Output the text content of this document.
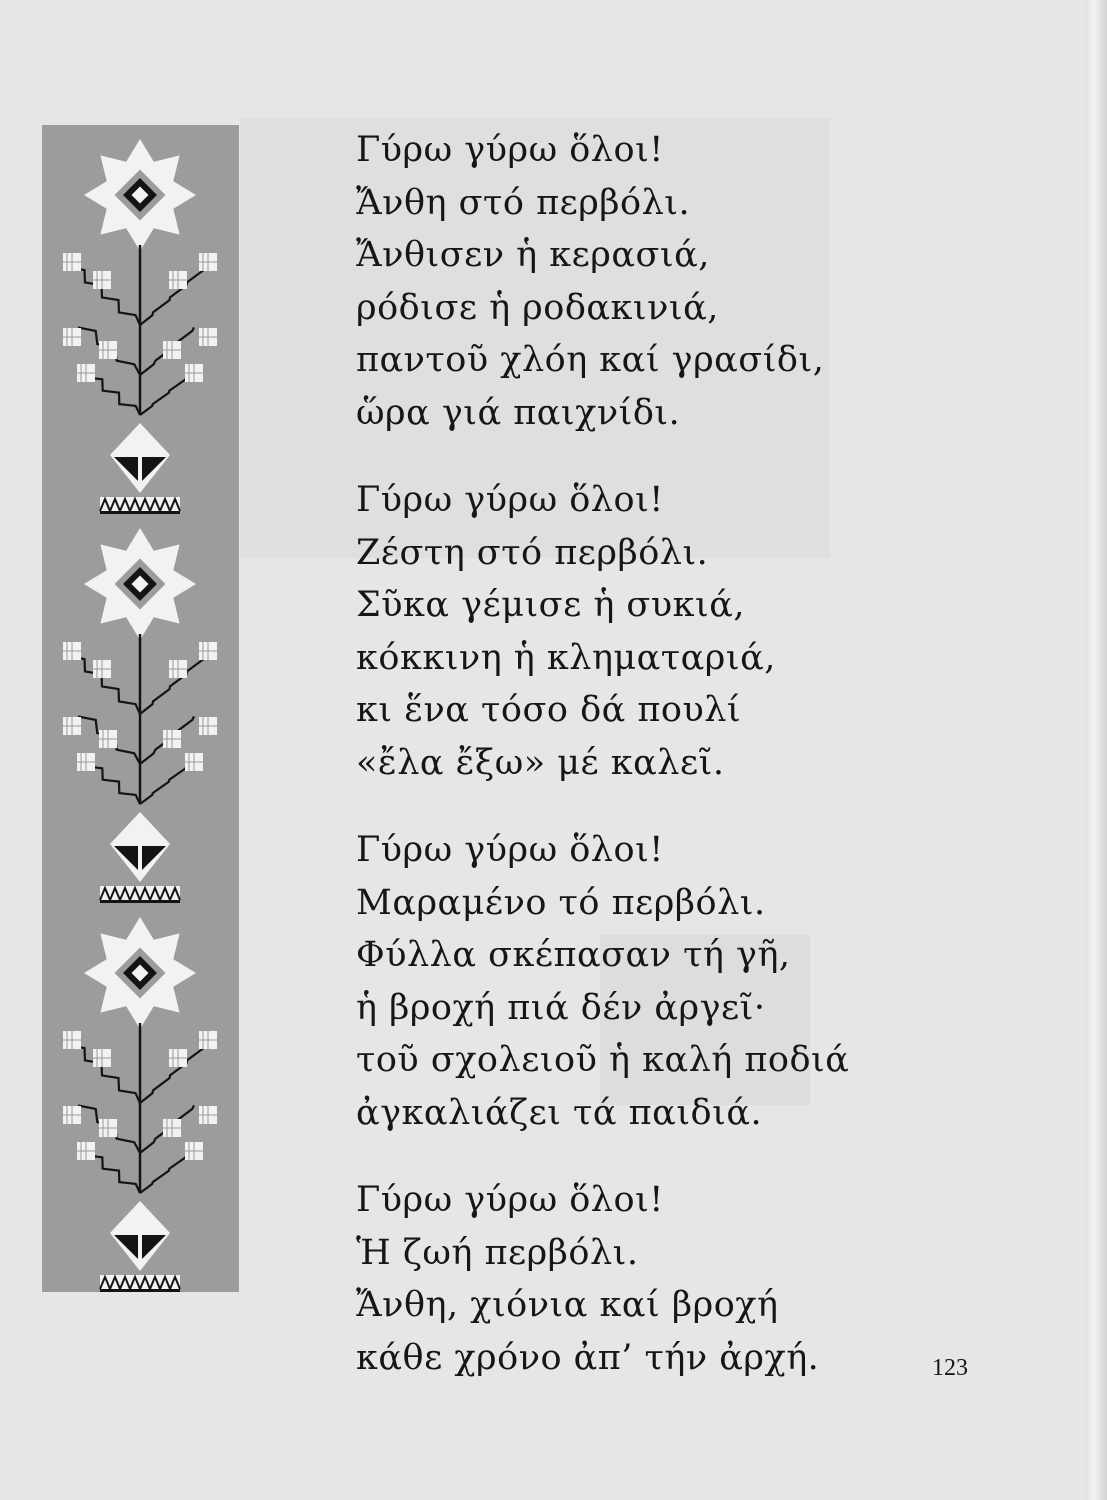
Γύρω γύρω ὅλοι!
Ἄνθη στό περβόλι.
Ἄνθισεν ἡ κερασιά,
ρόδισε ἡ ροδακινιά,
παντοῦ χλόη καί γρασίδι,
ὥρα γιά παιχνίδι.
Γύρω γύρω ὅλοι!
Ζέστη στό περβόλι.
Σῦκα γέμισε ἡ συκιά,
κόκκινη ἡ κληματαριά,
κι ἕνα τόσο δά πουλί
«ἔλα ἔξω» μέ καλεῖ.
Γύρω γύρω ὅλοι!
Μαραμένο τό περβόλι.
Φύλλα σκέπασαν τή γῆ,
ἡ βροχή πιά δέν ἀργεῖ·
τοῦ σχολειοῦ ἡ καλή ποδιά
ἀγκαλιάζει τά παιδιά.
Γύρω γύρω ὅλοι!
Ἡ ζωή περβόλι.
Ἄνθη, χιόνια καί βροχή
κάθε χρόνο ἀπ’ τήν ἀρχή.	123
